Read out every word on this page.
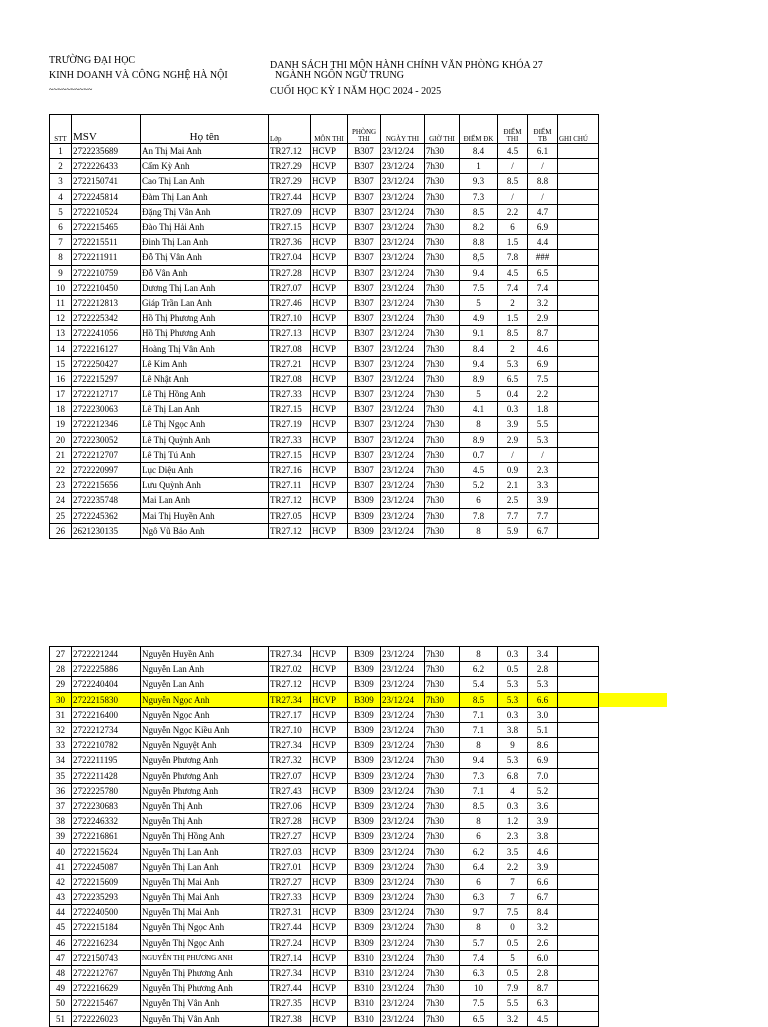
TRƯỜNG ĐẠI HỌC
KINH DOANH VÀ CÔNG NGHỆ HÀ NỘI
~~~~~~~~~~
DANH SÁCH THI MÔN HÀNH CHÍNH VĂN PHÒNG KHÓA 27
NGÀNH NGÔN NGỮ TRUNG
CUỐI HỌC KỲ I NĂM HỌC 2024 - 2025
STT	MSV	Họ tên	Lớp	MÔN THI	PHÒNG THI	NGÀY THI	GIỜ THI	ĐIỂM ĐK	ĐIỂM THI	ĐIỂM TB	GHI CHÚ
1	2722235689	An Thị Mai Anh	TR27.12	HCVP	B307	23/12/24	7h30	8.4	4.5	6.1	
2	2722226433	Cấm Kỳ Anh	TR27.29	HCVP	B307	23/12/24	7h30	1	/	/	
3	2722150741	Cao Thị Lan Anh	TR27.29	HCVP	B307	23/12/24	7h30	9.3	8.5	8.8	
4	2722245814	Đàm Thị Lan Anh	TR27.44	HCVP	B307	23/12/24	7h30	7.3	/	/	
5	2722210524	Đặng Thị Vân Anh	TR27.09	HCVP	B307	23/12/24	7h30	8.5	2.2	4.7	
6	2722215465	Đào Thị Hải Anh	TR27.15	HCVP	B307	23/12/24	7h30	8.2	6	6.9	
7	2722215511	Đinh Thị Lan Anh	TR27.36	HCVP	B307	23/12/24	7h30	8.8	1.5	4.4	
8	2722211911	Đỗ Thị Vân Anh	TR27.04	HCVP	B307	23/12/24	7h30	8,5	7.8	###	
9	2722210759	Đỗ Vân Anh	TR27.28	HCVP	B307	23/12/24	7h30	9.4	4.5	6.5	
10	2722210450	Dương Thị Lan Anh	TR27.07	HCVP	B307	23/12/24	7h30	7.5	7.4	7.4	
11	2722212813	Giáp Trần Lan Anh	TR27.46	HCVP	B307	23/12/24	7h30	5	2	3.2	
12	2722225342	Hồ Thị Phương Anh	TR27.10	HCVP	B307	23/12/24	7h30	4.9	1.5	2.9	
13	2722241056	Hồ Thị Phương Anh	TR27.13	HCVP	B307	23/12/24	7h30	9.1	8.5	8.7	
14	2722216127	Hoàng Thị Vân Anh	TR27.08	HCVP	B307	23/12/24	7h30	8.4	2	4.6	
15	2722250427	Lê Kim Anh	TR27.21	HCVP	B307	23/12/24	7h30	9.4	5.3	6.9	
16	2722215297	Lê Nhật Anh	TR27.08	HCVP	B307	23/12/24	7h30	8.9	6.5	7.5	
17	2722212717	Lê Thị Hồng Anh	TR27.33	HCVP	B307	23/12/24	7h30	5	0.4	2.2	
18	2722230063	Lê Thị Lan Anh	TR27.15	HCVP	B307	23/12/24	7h30	4.1	0.3	1.8	
19	2722212346	Lê Thị Ngọc Anh	TR27.19	HCVP	B307	23/12/24	7h30	8	3.9	5.5	
20	2722230052	Lê Thị Quỳnh Anh	TR27.33	HCVP	B307	23/12/24	7h30	8.9	2.9	5.3	
21	2722212707	Lê Thị Tú Anh	TR27.15	HCVP	B307	23/12/24	7h30	0.7	/	/	
22	2722220997	Lục Diệu Anh	TR27.16	HCVP	B307	23/12/24	7h30	4.5	0.9	2.3	
23	2722215656	Lưu Quỳnh Anh	TR27.11	HCVP	B307	23/12/24	7h30	5.2	2.1	3.3	
24	2722235748	Mai Lan Anh	TR27.12	HCVP	B309	23/12/24	7h30	6	2.5	3.9	
25	2722245362	Mai Thị Huyền Anh	TR27.05	HCVP	B309	23/12/24	7h30	7.8	7.7	7.7	
26	2621230135	Ngô Vũ Bảo Anh	TR27.12	HCVP	B309	23/12/24	7h30	8	5.9	6.7	
27	2722221244	Nguyễn Huyền Anh	TR27.34	HCVP	B309	23/12/24	7h30	8	0.3	3.4	
28	2722225886	Nguyễn Lan Anh	TR27.02	HCVP	B309	23/12/24	7h30	6.2	0.5	2.8	
29	2722240404	Nguyễn Lan Anh	TR27.12	HCVP	B309	23/12/24	7h30	5.4	5.3	5.3	
30	2722215830	Nguyễn Ngọc Anh	TR27.34	HCVP	B309	23/12/24	7h30	8.5	5.3	6.6	
31	2722216400	Nguyễn Ngọc Anh	TR27.17	HCVP	B309	23/12/24	7h30	7.1	0.3	3.0	
32	2722212734	Nguyễn Ngọc Kiều Anh	TR27.10	HCVP	B309	23/12/24	7h30	7.1	3.8	5.1	
33	2722210782	Nguyễn Nguyệt Anh	TR27.34	HCVP	B309	23/12/24	7h30	8	9	8.6	
34	2722211195	Nguyễn Phương Anh	TR27.32	HCVP	B309	23/12/24	7h30	9.4	5.3	6.9	
35	2722211428	Nguyễn Phương Anh	TR27.07	HCVP	B309	23/12/24	7h30	7.3	6.8	7.0	
36	2722225780	Nguyễn Phương Anh	TR27.43	HCVP	B309	23/12/24	7h30	7.1	4	5.2	
37	2722230683	Nguyễn Thị Anh	TR27.06	HCVP	B309	23/12/24	7h30	8.5	0.3	3.6	
38	2722246332	Nguyễn Thị Anh	TR27.28	HCVP	B309	23/12/24	7h30	8	1.2	3.9	
39	2722216861	Nguyễn Thị Hồng Anh	TR27.27	HCVP	B309	23/12/24	7h30	6	2.3	3.8	
40	2722215624	Nguyễn Thị Lan Anh	TR27.03	HCVP	B309	23/12/24	7h30	6.2	3.5	4.6	
41	2722245087	Nguyễn Thị Lan Anh	TR27.01	HCVP	B309	23/12/24	7h30	6.4	2.2	3.9	
42	2722215609	Nguyễn Thị Mai Anh	TR27.27	HCVP	B309	23/12/24	7h30	6	7	6.6	
43	2722235293	Nguyễn Thị Mai Anh	TR27.33	HCVP	B309	23/12/24	7h30	6.3	7	6.7	
44	2722240500	Nguyễn Thị Mai Anh	TR27.31	HCVP	B309	23/12/24	7h30	9.7	7.5	8.4	
45	2722215184	Nguyễn Thị Ngọc Anh	TR27.44	HCVP	B309	23/12/24	7h30	8	0	3.2	
46	2722216234	Nguyễn Thị Ngọc Anh	TR27.24	HCVP	B309	23/12/24	7h30	5.7	0.5	2.6	
47	2722150743	NGUYỄN THỊ PHƯƠNG ANH	TR27.14	HCVP	B310	23/12/24	7h30	7.4	5	6.0	
48	2722212767	Nguyễn Thị Phương Anh	TR27.34	HCVP	B310	23/12/24	7h30	6.3	0.5	2.8	
49	2722216629	Nguyễn Thị Phương Anh	TR27.44	HCVP	B310	23/12/24	7h30	10	7.9	8.7	
50	2722215467	Nguyễn Thị Vân Anh	TR27.35	HCVP	B310	23/12/24	7h30	7.5	5.5	6.3	
51	2722226023	Nguyễn Thị Vân Anh	TR27.38	HCVP	B310	23/12/24	7h30	6.5	3.2	4.5	
